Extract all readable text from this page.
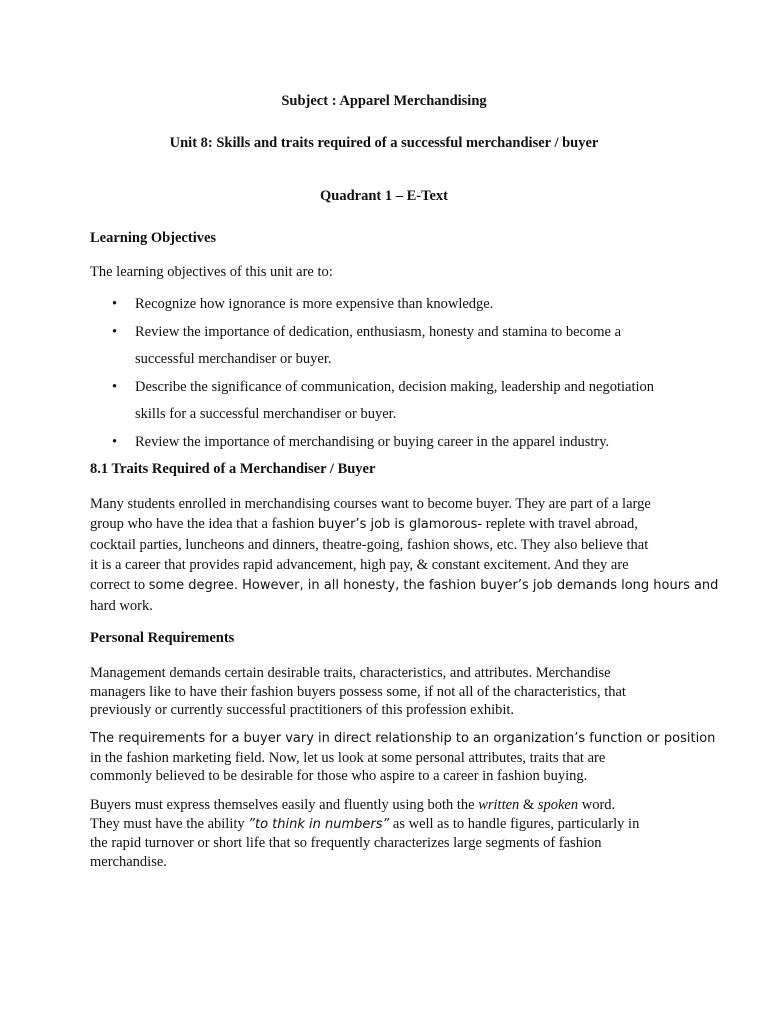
Subject : Apparel Merchandising
Unit 8: Skills and traits required of a successful merchandiser / buyer
Quadrant 1 – E-Text
Learning Objectives
The learning objectives of this unit are to:
• Recognize how ignorance is more expensive than knowledge.
• Review the importance of dedication, enthusiasm, honesty and stamina to become a
successful merchandiser or buyer.
• Describe the significance of communication, decision making, leadership and negotiation
skills for a successful merchandiser or buyer.
• Review the importance of merchandising or buying career in the apparel industry.
8.1 Traits Required of a Merchandiser / Buyer
Many students enrolled in merchandising courses want to become buyer. They are part of a large
group who have the idea that a fashion buyer’s job is glamorous- replete with travel abroad,
cocktail parties, luncheons and dinners, theatre-going, fashion shows, etc. They also believe that
it is a career that provides rapid advancement, high pay, & constant excitement. And they are
correct to some degree. However, in all honesty, the fashion buyer’s job demands long hours and
hard work.
Personal Requirements
Management demands certain desirable traits, characteristics, and attributes. Merchandise
managers like to have their fashion buyers possess some, if not all of the characteristics, that
previously or currently successful practitioners of this profession exhibit.
The requirements for a buyer vary in direct relationship to an organization’s function or position
in the fashion marketing field. Now, let us look at some personal attributes, traits that are
commonly believed to be desirable for those who aspire to a career in fashion buying.
Buyers must express themselves easily and fluently using both the written & spoken word.
They must have the ability ”to think in numbers” as well as to handle figures, particularly in
the rapid turnover or short life that so frequently characterizes large segments of fashion
merchandise.
